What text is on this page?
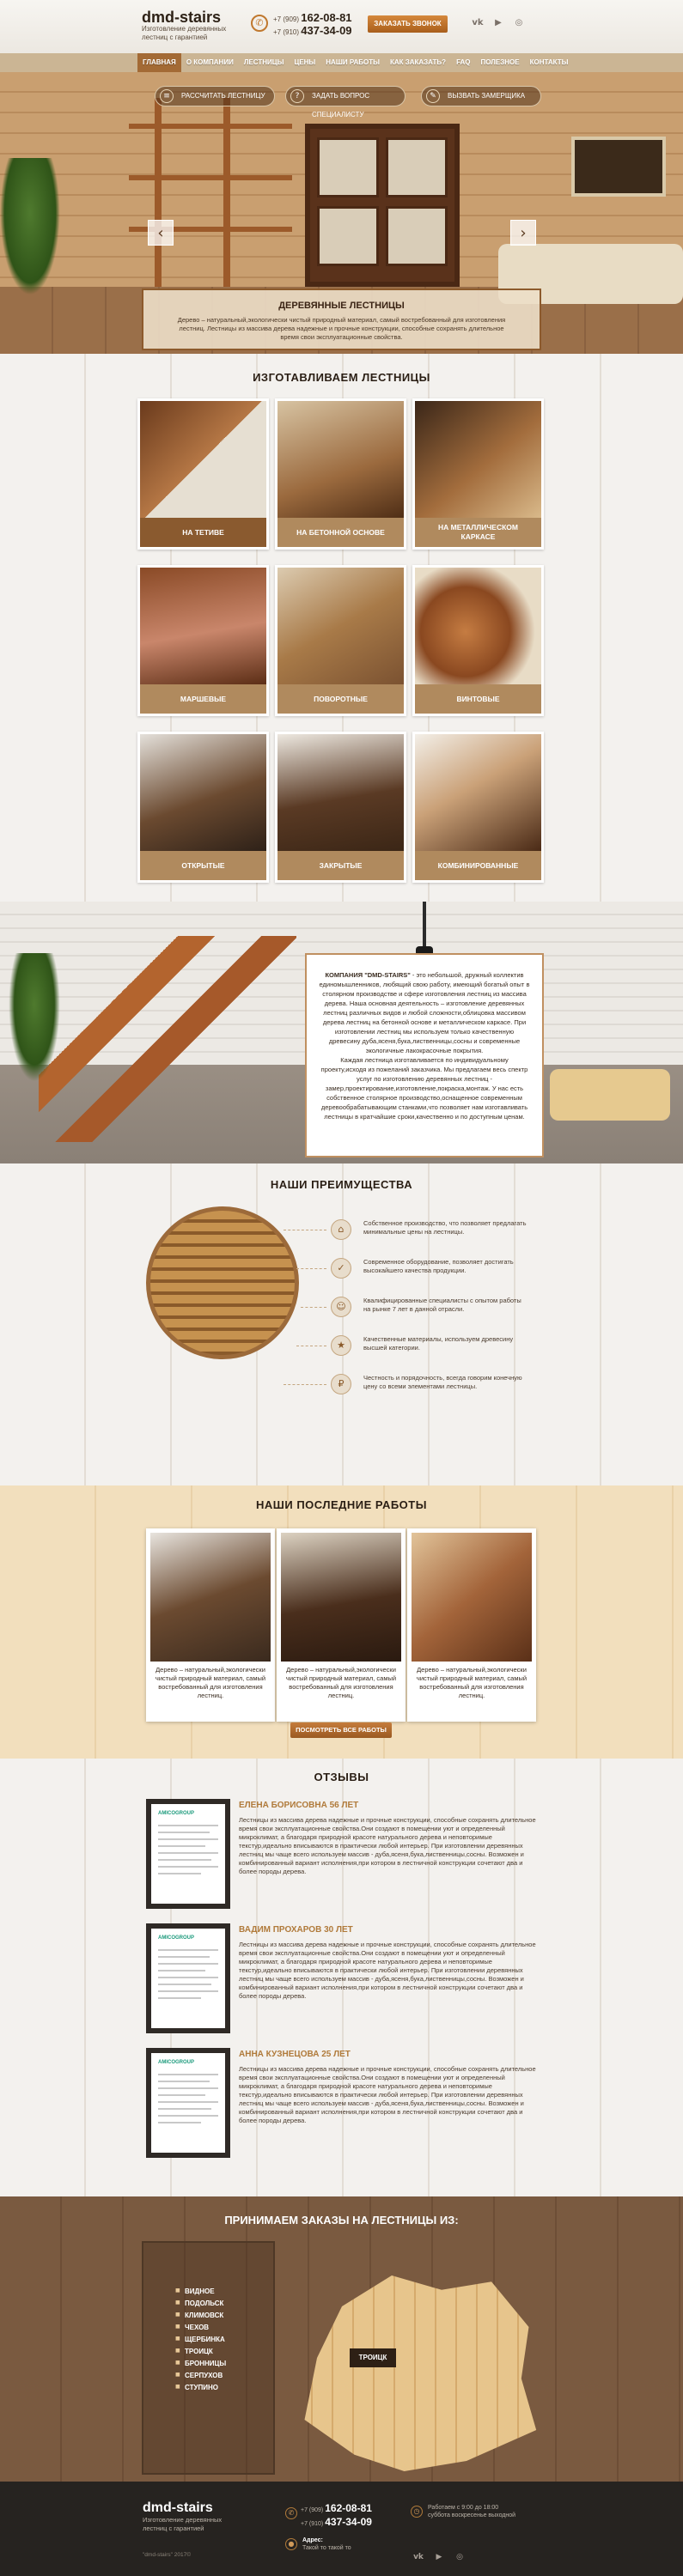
dmd-stairs
Изготовление деревянных лестниц с гарантией
✆	+7 (909) 162-08-81
+7 (910) 437-34-09
ЗАКАЗАТЬ ЗВОНОК	vk	▶	◎
ГЛАВНАЯ	О КОМПАНИИ	ЛЕСТНИЦЫ	ЦЕНЫ	НАШИ РАБОТЫ	КАК ЗАКАЗАТЬ?	FAQ	ПОЛЕЗНОЕ	КОНТАКТЫ
≡	РАССЧИТАТЬ ЛЕСТНИЦУ	?	ЗАДАТЬ ВОПРОС СПЕЦИАЛИСТУ
✎	ВЫЗВАТЬ ЗАМЕРЩИКА
‹	›
ДЕРЕВЯННЫЕ ЛЕСТНИЦЫ

Дерево – натуральный,экологически чистый природный материал, самый востребованный для изготовления лестниц. Лестницы из массива дерева надежные и прочные конструкции, способные сохранять длительное время свои эксплуатационные свойства.

ИЗГОТАВЛИВАЕМ ЛЕСТНИЦЫ
НА ТЕТИВЕ	НА БЕТОННОЙ ОСНОВЕ
НА МЕТАЛЛИЧЕСКОМ КАРКАСЕ
МАРШЕВЫЕ	ПОВОРОТНЫЕ	ВИНТОВЫЕ
ОТКРЫТЫЕ	ЗАКРЫТЫЕ	КОМБИНИРОВАННЫЕ

КОМПАНИЯ "DMD-STAIRS" - это небольшой, дружный коллектив единомышленников, любящий свою работу, имеющий богатый опыт в столярном производстве и сфере изготовления лестниц из массива дерева. Наша основная деятельность – изготовление деревянных лестниц различных видов и любой сложности,облицовка массивом дерева лестниц на бетонной основе и металлическом каркасе. При изготовлении лестниц мы используем только качественную древесину дуба,ясеня,бука,лиственницы,сосны и современные экологичные лакокрасочные покрытия.

Каждая лестница изготавливается по индивидуальному проекту,исходя из пожеланий заказчика. Мы предлагаем весь спектр услуг по изготовлению деревянных лестниц - замер,проектирование,изготовление,покраска,монтаж. У нас есть собственное столярное производство,оснащенное современным деревообрабатывающим станками,что позволяет нам изготавливать лестницы в кратчайшие сроки,качественно и по доступным ценам.

НАШИ ПРЕИМУЩЕСТВА
⌂

Собственное производство, что позволяет предлагать минимальные цены на лестницы.

✓

Современное оборудование, позволяет достигать высокайшего качества продукции.

☺

Квалифицированные специалисты с опытом работы на рынке 7 лет в данной отрасли.

★

Качественные материалы, используем древесину высшей категории.

₽

Честность и порядочность, всегда говорим конечную цену со всеми элементами лестницы.

НАШИ ПОСЛЕДНИЕ РАБОТЫ

Дерево – натуральный,экологически чистый природный материал, самый востребованный для изготовления лестниц.

Дерево – натуральный,экологически чистый природный материал, самый востребованный для изготовления лестниц.

Дерево – натуральный,экологически чистый природный материал, самый востребованный для изготовления лестниц.

ПОСМОТРЕТЬ ВСЕ РАБОТЫ
ОТЗЫВЫ
AMICOGROUP
ЕЛЕНА БОРИСОВНА 56 ЛЕТ

Лестницы из массива дерева надежные и прочные конструкции, способные сохранять длительное время свои эксплуатационные свойства.Они создают в помещении уют и определенный микроклимат, а благодаря природной красоте натурального дерева и неповторимые текстур,идеально вписываются в практически любой интерьер. При изготовлении деревянных лестниц мы чаще всего используем массив - дуба,ясеня,бука,лиственницы,сосны. Возможен и комбинированный вариант исполнения,при котором в лестничной конструкции сочетают два и более породы дерева.

AMICOGROUP
ВАДИМ ПРОХАРОВ 30 ЛЕТ

Лестницы из массива дерева надежные и прочные конструкции, способные сохранять длительное время свои эксплуатационные свойства.Они создают в помещении уют и определенный микроклимат, а благодаря природной красоте натурального дерева и неповторимые текстур,идеально вписываются в практически любой интерьер. При изготовлении деревянных лестниц мы чаще всего используем массив - дуба,ясеня,бука,лиственницы,сосны. Возможен и комбинированный вариант исполнения,при котором в лестничной конструкции сочетают два и более породы дерева.

AMICOGROUP
АННА КУЗНЕЦОВА 25 ЛЕТ

Лестницы из массива дерева надежные и прочные конструкции, способные сохранять длительное время свои эксплуатационные свойства.Они создают в помещении уют и определенный микроклимат, а благодаря природной красоте натурального дерева и неповторимые текстур,идеально вписываются в практически любой интерьер. При изготовлении деревянных лестниц мы чаще всего используем массив - дуба,ясеня,бука,лиственницы,сосны. Возможен и комбинированный вариант исполнения,при котором в лестничной конструкции сочетают два и более породы дерева.

ПРИНИМАЕМ ЗАКАЗЫ НА ЛЕСТНИЦЫ ИЗ:
■ ВИДНОЕ
■ ПОДОЛЬСК
■ КЛИМОВСК
■ ЧЕХОВ
■ ЩЕРБИНКА
■ ТРОИЦК
■ БРОННИЦЫ
■ СЕРПУХОВ
■ СТУПИНО
ТРОИЦК
dmd-stairs
Изготовление деревянных лестниц с гарантией
"dmd-stairs" 2017©
✆	+7 (909) 162-08-81
+7 (910) 437-34-09
◷	Работаем с 9:00 до 18:00
суббота воскресенье выходной
●	Адрес:
Такой то такой то
vk	▶	◎
